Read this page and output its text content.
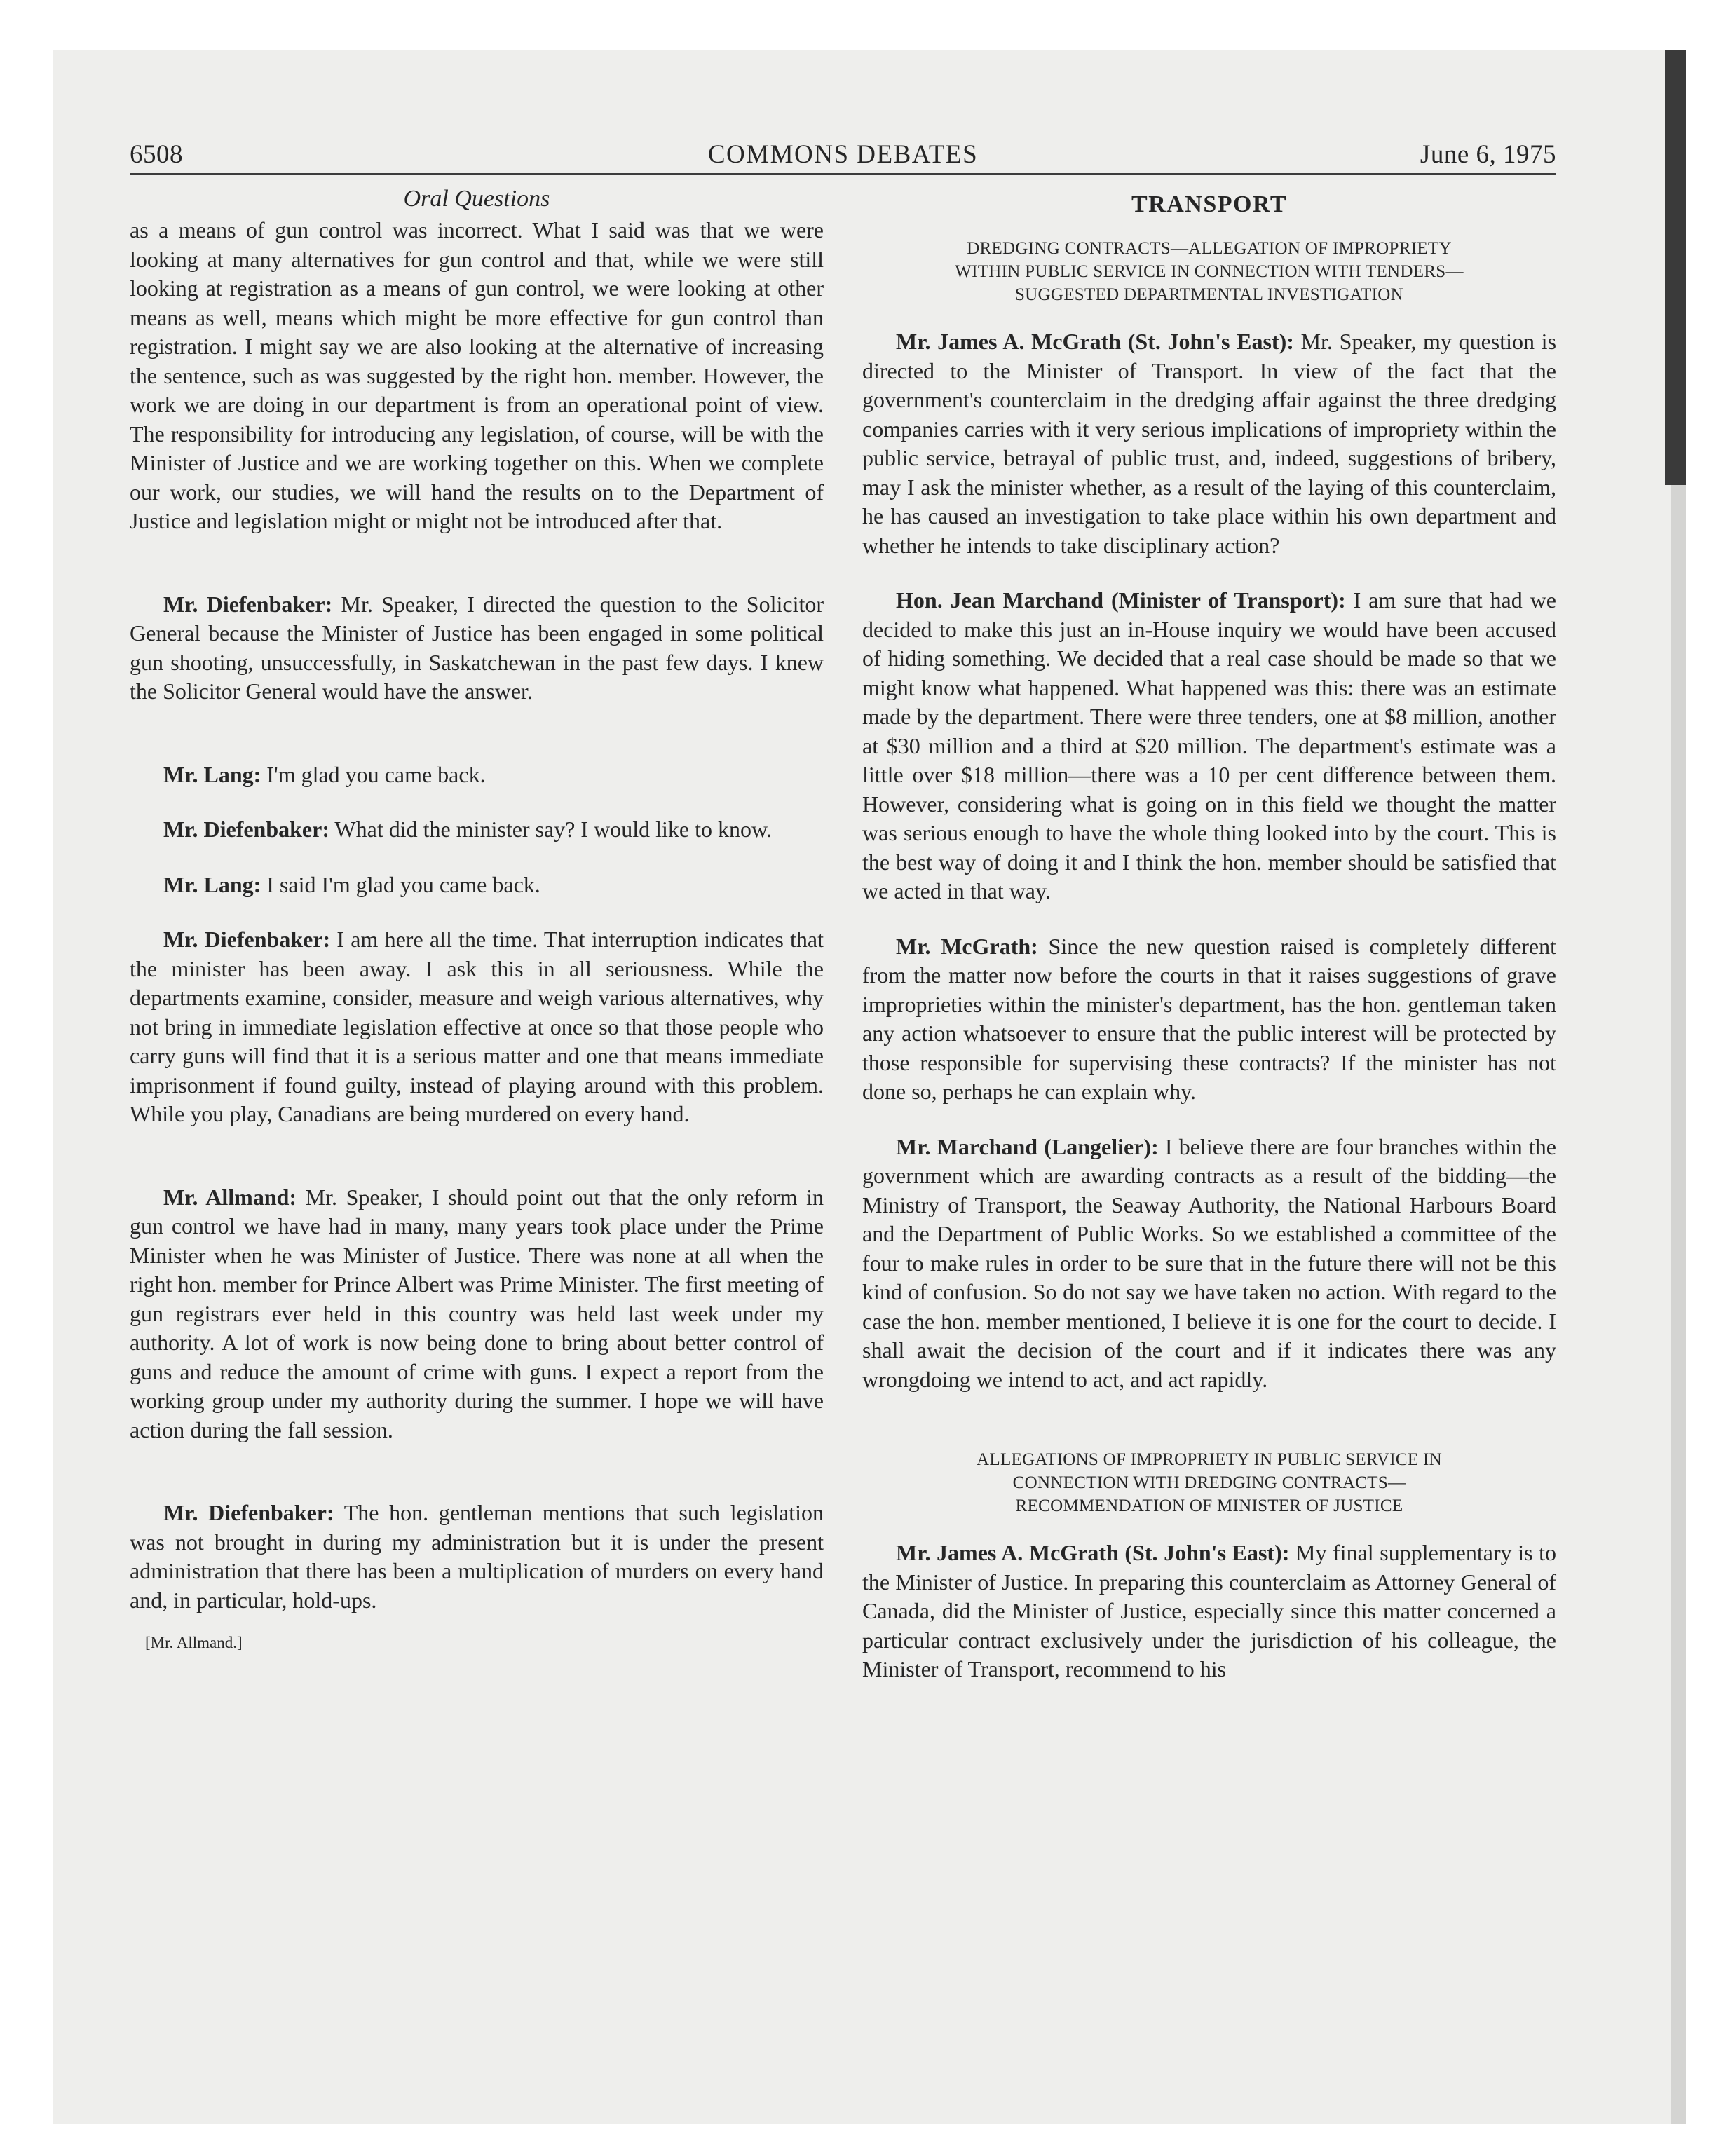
6508	COMMONS DEBATES	June 6, 1975

Oral Questions

as a means of gun control was incorrect. What I said was that we were looking at many alternatives for gun control and that, while we were still looking at registration as a means of gun control, we were looking at other means as well, means which might be more effective for gun control than registration. I might say we are also looking at the alternative of increasing the sentence, such as was suggested by the right hon. member. However, the work we are doing in our department is from an operational point of view. The responsibility for introducing any legislation, of course, will be with the Minister of Justice and we are working together on this. When we complete our work, our studies, we will hand the results on to the Department of Justice and legislation might or might not be introduced after that.

Mr. Diefenbaker: Mr. Speaker, I directed the question to the Solicitor General because the Minister of Justice has been engaged in some political gun shooting, unsuccessfully, in Saskatchewan in the past few days. I knew the Solicitor General would have the answer.

Mr. Lang: I'm glad you came back.

Mr. Diefenbaker: What did the minister say? I would like to know.

Mr. Lang: I said I'm glad you came back.

Mr. Diefenbaker: I am here all the time. That interruption indicates that the minister has been away. I ask this in all seriousness. While the departments examine, consider, measure and weigh various alternatives, why not bring in immediate legislation effective at once so that those people who carry guns will find that it is a serious matter and one that means immediate imprisonment if found guilty, instead of playing around with this problem. While you play, Canadians are being murdered on every hand.

Mr. Allmand: Mr. Speaker, I should point out that the only reform in gun control we have had in many, many years took place under the Prime Minister when he was Minister of Justice. There was none at all when the right hon. member for Prince Albert was Prime Minister. The first meeting of gun registrars ever held in this country was held last week under my authority. A lot of work is now being done to bring about better control of guns and reduce the amount of crime with guns. I expect a report from the working group under my authority during the summer. I hope we will have action during the fall session.

Mr. Diefenbaker: The hon. gentleman mentions that such legislation was not brought in during my administration but it is under the present administration that there has been a multiplication of murders on every hand and, in particular, hold-ups.

[Mr. Allmand.]
TRANSPORT
DREDGING CONTRACTS—ALLEGATION OF IMPROPRIETY
WITHIN PUBLIC SERVICE IN CONNECTION WITH TENDERS—
SUGGESTED DEPARTMENTAL INVESTIGATION

Mr. James A. McGrath (St. John's East): Mr. Speaker, my question is directed to the Minister of Transport. In view of the fact that the government's counterclaim in the dredging affair against the three dredging companies carries with it very serious implications of impropriety within the public service, betrayal of public trust, and, indeed, suggestions of bribery, may I ask the minister whether, as a result of the laying of this counterclaim, he has caused an investigation to take place within his own department and whether he intends to take disciplinary action?

Hon. Jean Marchand (Minister of Transport): I am sure that had we decided to make this just an in-House inquiry we would have been accused of hiding something. We decided that a real case should be made so that we might know what happened. What happened was this: there was an estimate made by the department. There were three tenders, one at $8 million, another at $30 million and a third at $20 million. The department's estimate was a little over $18 million—there was a 10 per cent difference between them. However, considering what is going on in this field we thought the matter was serious enough to have the whole thing looked into by the court. This is the best way of doing it and I think the hon. member should be satisfied that we acted in that way.

Mr. McGrath: Since the new question raised is completely different from the matter now before the courts in that it raises suggestions of grave improprieties within the minister's department, has the hon. gentleman taken any action whatsoever to ensure that the public interest will be protected by those responsible for supervising these contracts? If the minister has not done so, perhaps he can explain why.

Mr. Marchand (Langelier): I believe there are four branches within the government which are awarding contracts as a result of the bidding—the Ministry of Transport, the Seaway Authority, the National Harbours Board and the Department of Public Works. So we established a committee of the four to make rules in order to be sure that in the future there will not be this kind of confusion. So do not say we have taken no action. With regard to the case the hon. member mentioned, I believe it is one for the court to decide. I shall await the decision of the court and if it indicates there was any wrongdoing we intend to act, and act rapidly.

ALLEGATIONS OF IMPROPRIETY IN PUBLIC SERVICE IN
CONNECTION WITH DREDGING CONTRACTS—
RECOMMENDATION OF MINISTER OF JUSTICE

Mr. James A. McGrath (St. John's East): My final supplementary is to the Minister of Justice. In preparing this counterclaim as Attorney General of Canada, did the Minister of Justice, especially since this matter concerned a particular contract exclusively under the jurisdiction of his colleague, the Minister of Transport, recommend to his
